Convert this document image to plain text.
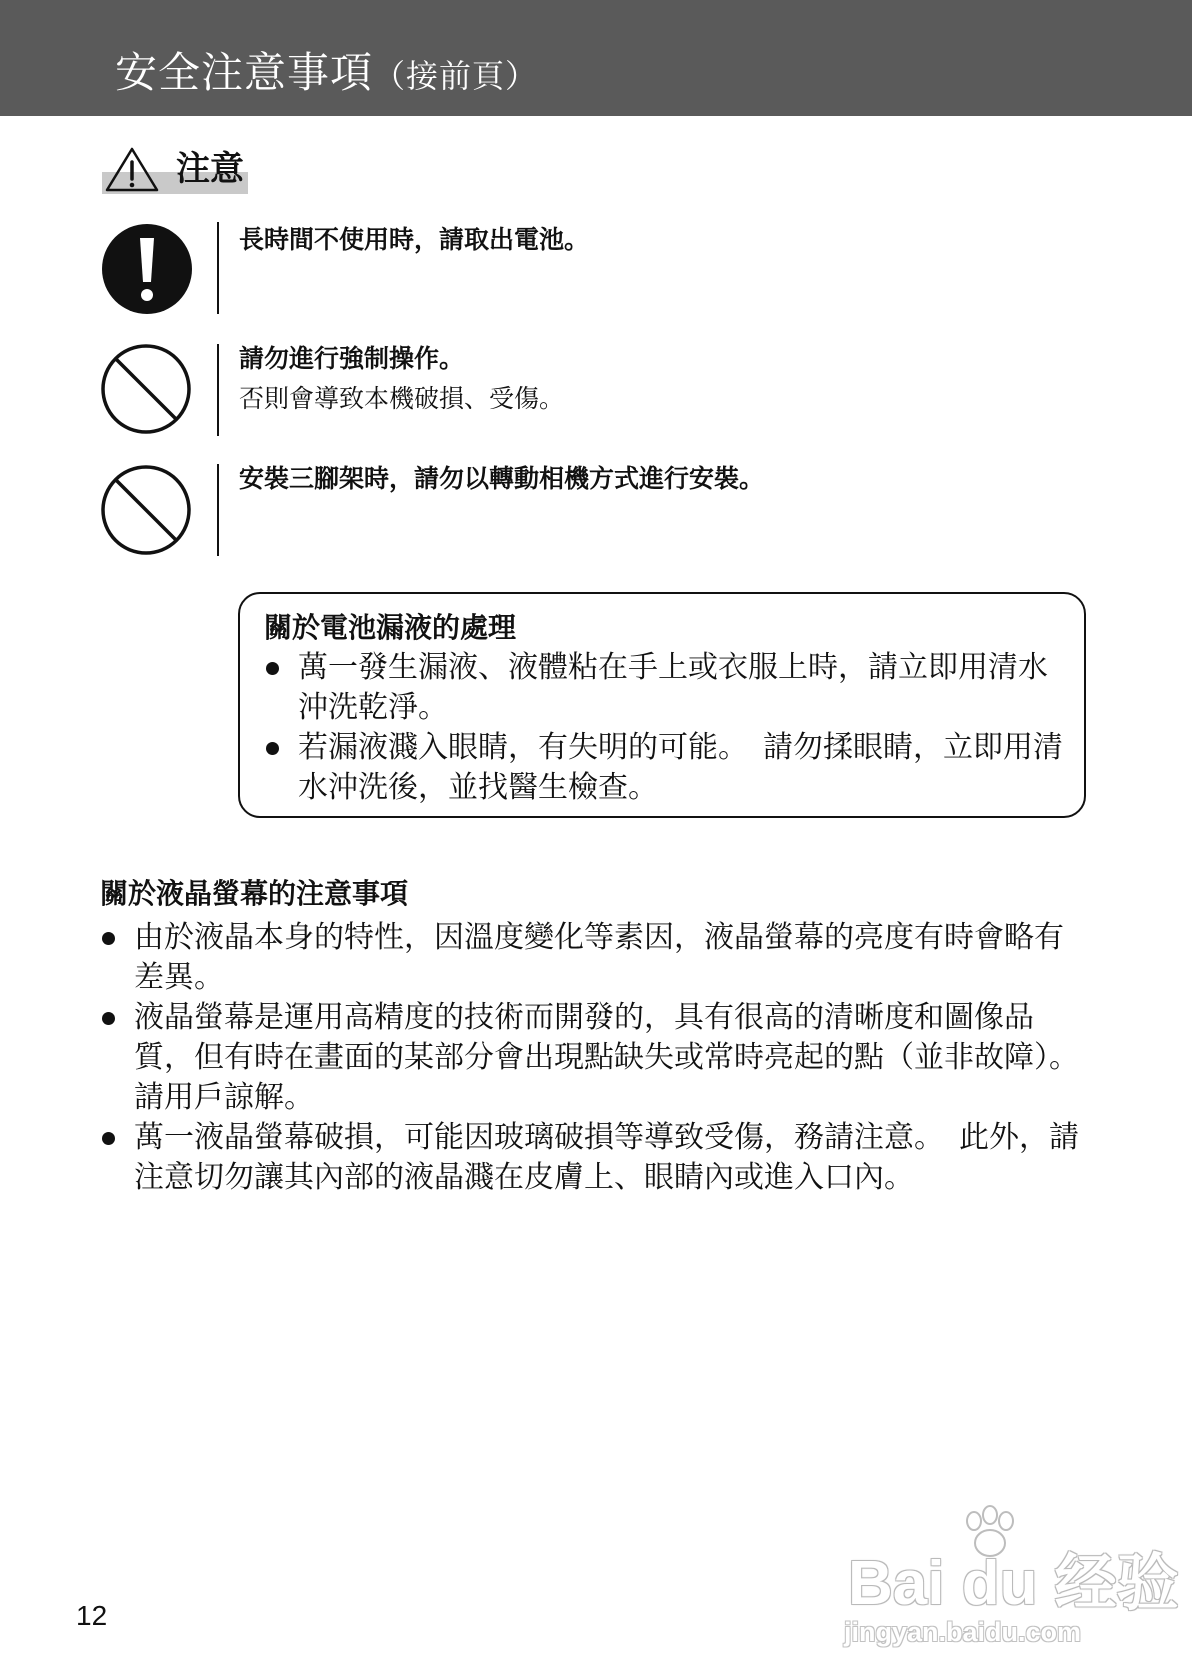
安全注意事項（接前頁）
注意
長時間不使用時，請取出電池。
請勿進行強制操作。
否則會導致本機破損、受傷。
安裝三腳架時，請勿以轉動相機方式進行安裝。
關於電池漏液的處理

萬一發生漏液、液體粘在手上或衣服上時，請立即用清水沖洗乾淨。

若漏液濺入眼睛，有失明的可能。　請勿揉眼睛，立即用清水沖洗後，並找醫生檢查。

關於液晶螢幕的注意事項

由於液晶本身的特性，因溫度變化等素因，液晶螢幕的亮度有時會略有差異。

液晶螢幕是運用高精度的技術而開發的，具有很高的清晰度和圖像品質，但有時在畫面的某部分會出現點缺失或常時亮起的點（並非故障）。請用戶諒解。

萬一液晶螢幕破損，可能因玻璃破損等導致受傷，務請注意。　此外，請注意切勿讓其內部的液晶濺在皮膚上、眼睛內或進入口內。

12	Bai du 经验
jingyan.baidu.com
